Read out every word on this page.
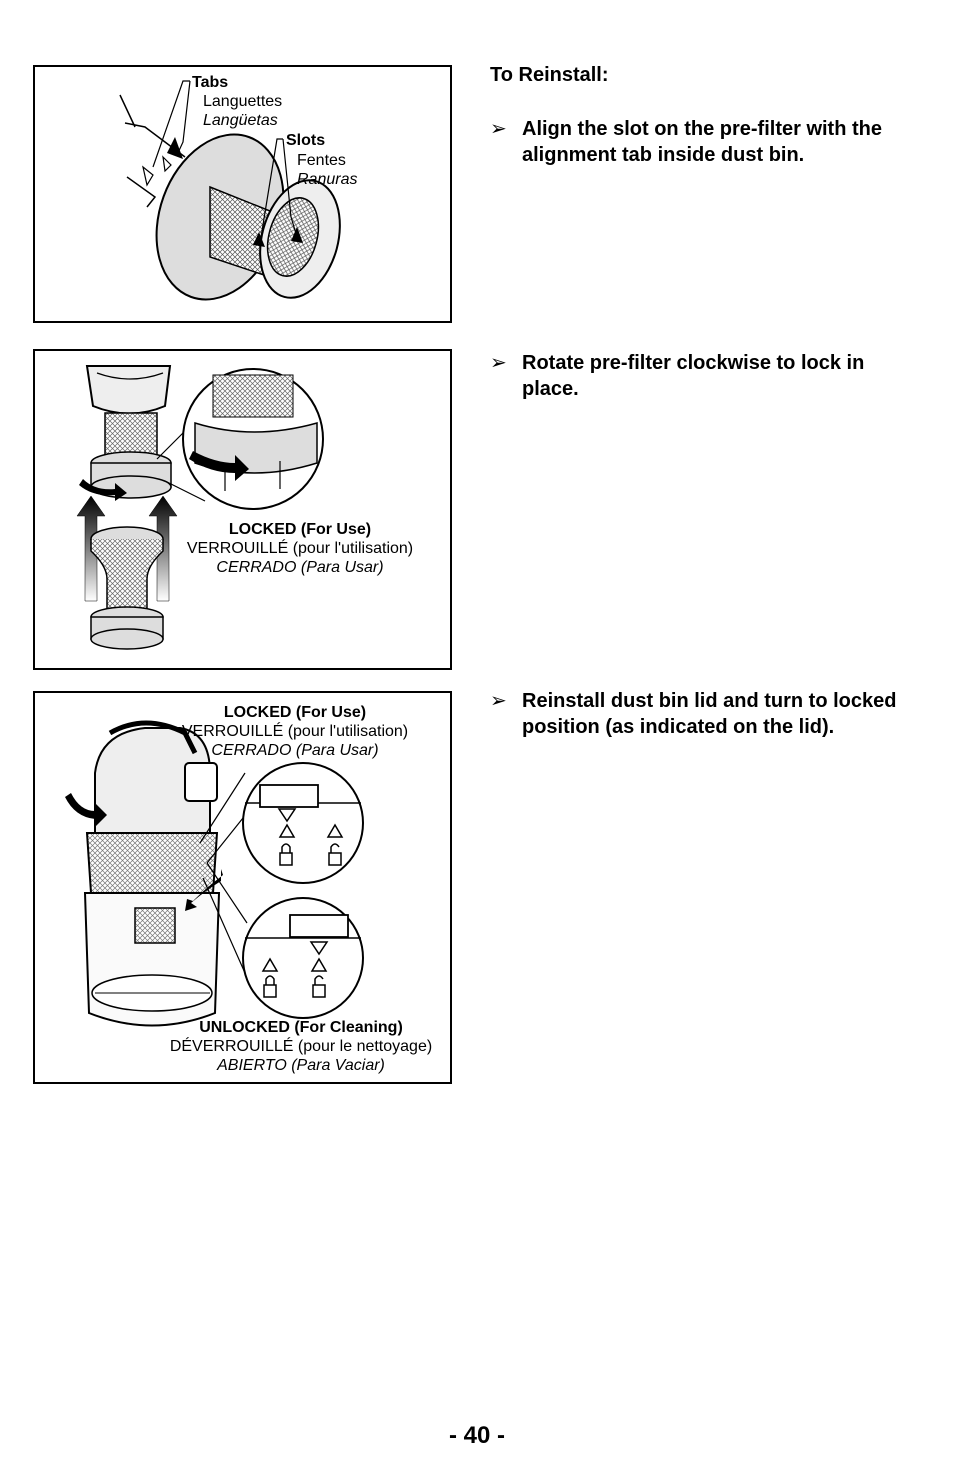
To Reinstall:
➢ Align the slot on the pre-filter with the alignment tab inside dust bin.
➢ Rotate pre-filter clockwise to lock in place.
➢ Reinstall dust bin lid and turn to locked position (as indicated on the lid).
Tabs
Languettes
Langüetas
Slots
Fentes
Ranuras
LOCKED (For Use)
VERROUILLÉ (pour l'utilisation)
CERRADO (Para Usar)
LOCKED (For Use)
VERROUILLÉ (pour l'utilisation)
CERRADO (Para Usar)
UNLOCKED (For Cleaning)
DÉVERROUILLÉ (pour le nettoyage)
ABIERTO (Para Vaciar)
- 40 -
